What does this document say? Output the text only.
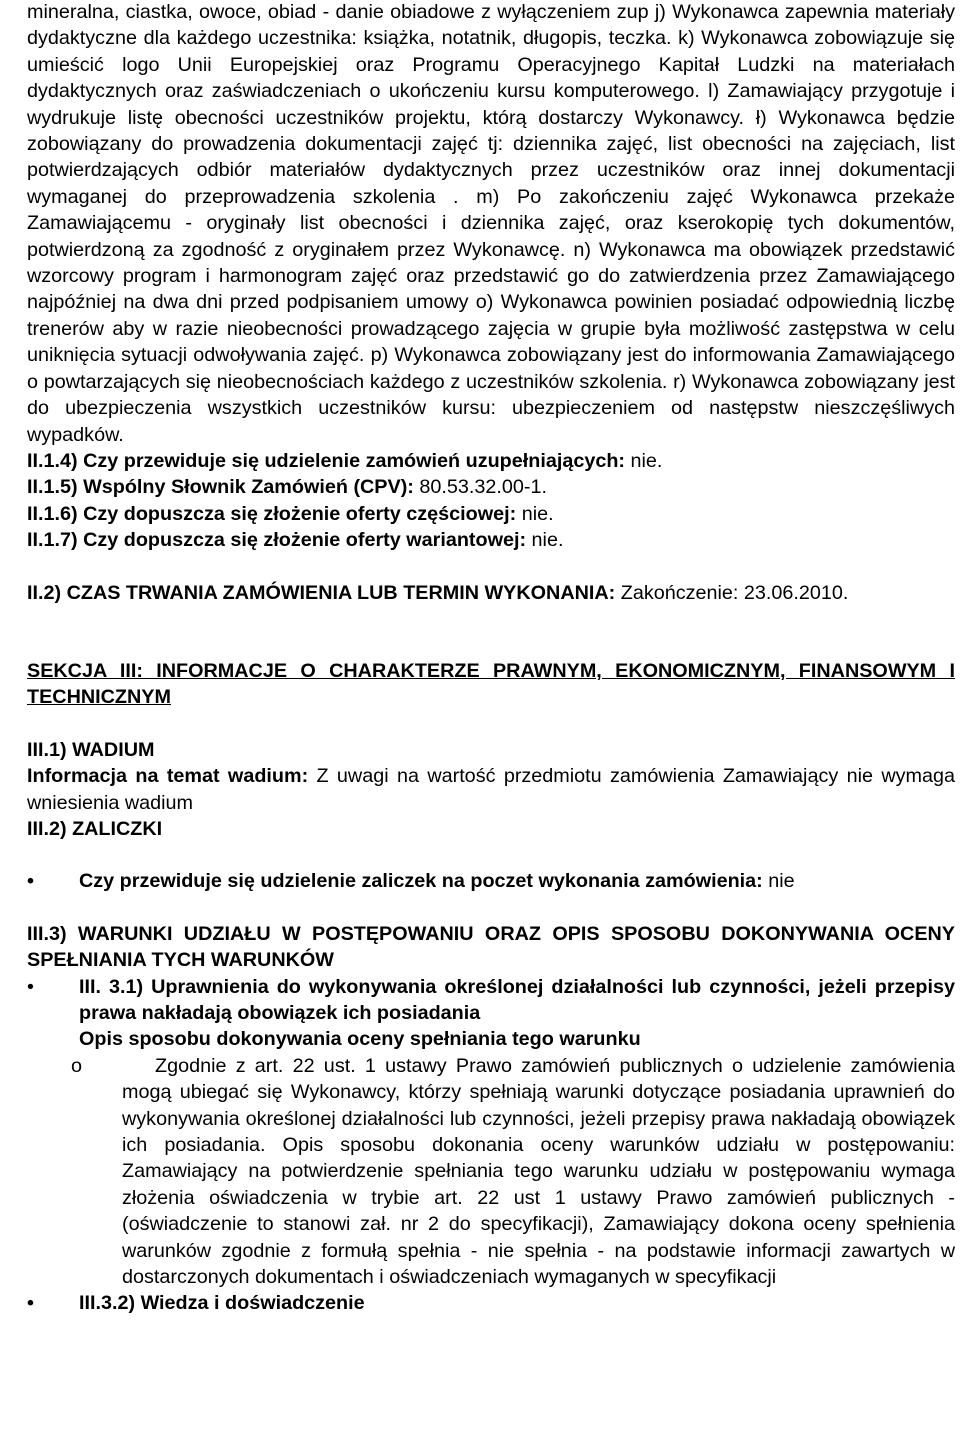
mineralna, ciastka, owoce, obiad - danie obiadowe z wyłączeniem zup j) Wykonawca zapewnia materiały dydaktyczne dla każdego uczestnika: książka, notatnik, długopis, teczka. k) Wykonawca zobowiązuje się umieścić logo Unii Europejskiej oraz Programu Operacyjnego Kapitał Ludzki na materiałach dydaktycznych oraz zaświadczeniach o ukończeniu kursu komputerowego. l) Zamawiający przygotuje i wydrukuje listę obecności uczestników projektu, którą dostarczy Wykonawcy. ł) Wykonawca będzie zobowiązany do prowadzenia dokumentacji zajęć tj: dziennika zajęć, list obecności na zajęciach, list potwierdzających odbiór materiałów dydaktycznych przez uczestników oraz innej dokumentacji wymaganej do przeprowadzenia szkolenia . m) Po zakończeniu zajęć Wykonawca przekaże Zamawiającemu - oryginały list obecności i dziennika zajęć, oraz kserokopię tych dokumentów, potwierdzoną za zgodność z oryginałem przez Wykonawcę. n) Wykonawca ma obowiązek przedstawić wzorcowy program i harmonogram zajęć oraz przedstawić go do zatwierdzenia przez Zamawiającego najpóźniej na dwa dni przed podpisaniem umowy o) Wykonawca powinien posiadać odpowiednią liczbę trenerów aby w razie nieobecności prowadzącego zajęcia w grupie była możliwość zastępstwa w celu uniknięcia sytuacji odwoływania zajęć. p) Wykonawca zobowiązany jest do informowania Zamawiającego o powtarzających się nieobecnościach każdego z uczestników szkolenia. r) Wykonawca zobowiązany jest do ubezpieczenia wszystkich uczestników kursu: ubezpieczeniem od następstw nieszczęśliwych wypadków.

II.1.4) Czy przewiduje się udzielenie zamówień uzupełniających: nie.

II.1.5) Wspólny Słownik Zamówień (CPV): 80.53.32.00-1.

II.1.6) Czy dopuszcza się złożenie oferty częściowej: nie.

II.1.7) Czy dopuszcza się złożenie oferty wariantowej: nie.

II.2) CZAS TRWANIA ZAMÓWIENIA LUB TERMIN WYKONANIA: Zakończenie: 23.06.2010.

SEKCJA III: INFORMACJE O CHARAKTERZE PRAWNYM, EKONOMICZNYM, FINANSOWYM I TECHNICZNYM

III.1) WADIUM

Informacja na temat wadium: Z uwagi na wartość przedmiotu zamówienia Zamawiający nie wymaga wniesienia wadium

III.2) ZALICZKI

• Czy przewiduje się udzielenie zaliczek na poczet wykonania zamówienia: nie

III.3) WARUNKI UDZIAŁU W POSTĘPOWANIU ORAZ OPIS SPOSOBU DOKONYWANIA OCENY SPEŁNIANIA TYCH WARUNKÓW

• III. 3.1) Uprawnienia do wykonywania określonej działalności lub czynności, jeżeli przepisy prawa nakładają obowiązek ich posiadania
Opis sposobu dokonywania oceny spełniania tego warunku
o	Zgodnie z art. 22 ust. 1 ustawy Prawo zamówień publicznych o udzielenie zamówienia mogą ubiegać się Wykonawcy, którzy spełniają warunki dotyczące posiadania uprawnień do wykonywania określonej działalności lub czynności, jeżeli przepisy prawa nakładają obowiązek ich posiadania. Opis sposobu dokonania oceny warunków udziału w postępowaniu: Zamawiający na potwierdzenie spełniania tego warunku udziału w postępowaniu wymaga złożenia oświadczenia w trybie art. 22 ust 1 ustawy Prawo zamówień publicznych - (oświadczenie to stanowi zał. nr 2 do specyfikacji), Zamawiający dokona oceny spełnienia warunków zgodnie z formułą spełnia - nie spełnia - na podstawie informacji zawartych w dostarczonych dokumentach i oświadczeniach wymaganych w specyfikacji
• III.3.2) Wiedza i doświadczenie
